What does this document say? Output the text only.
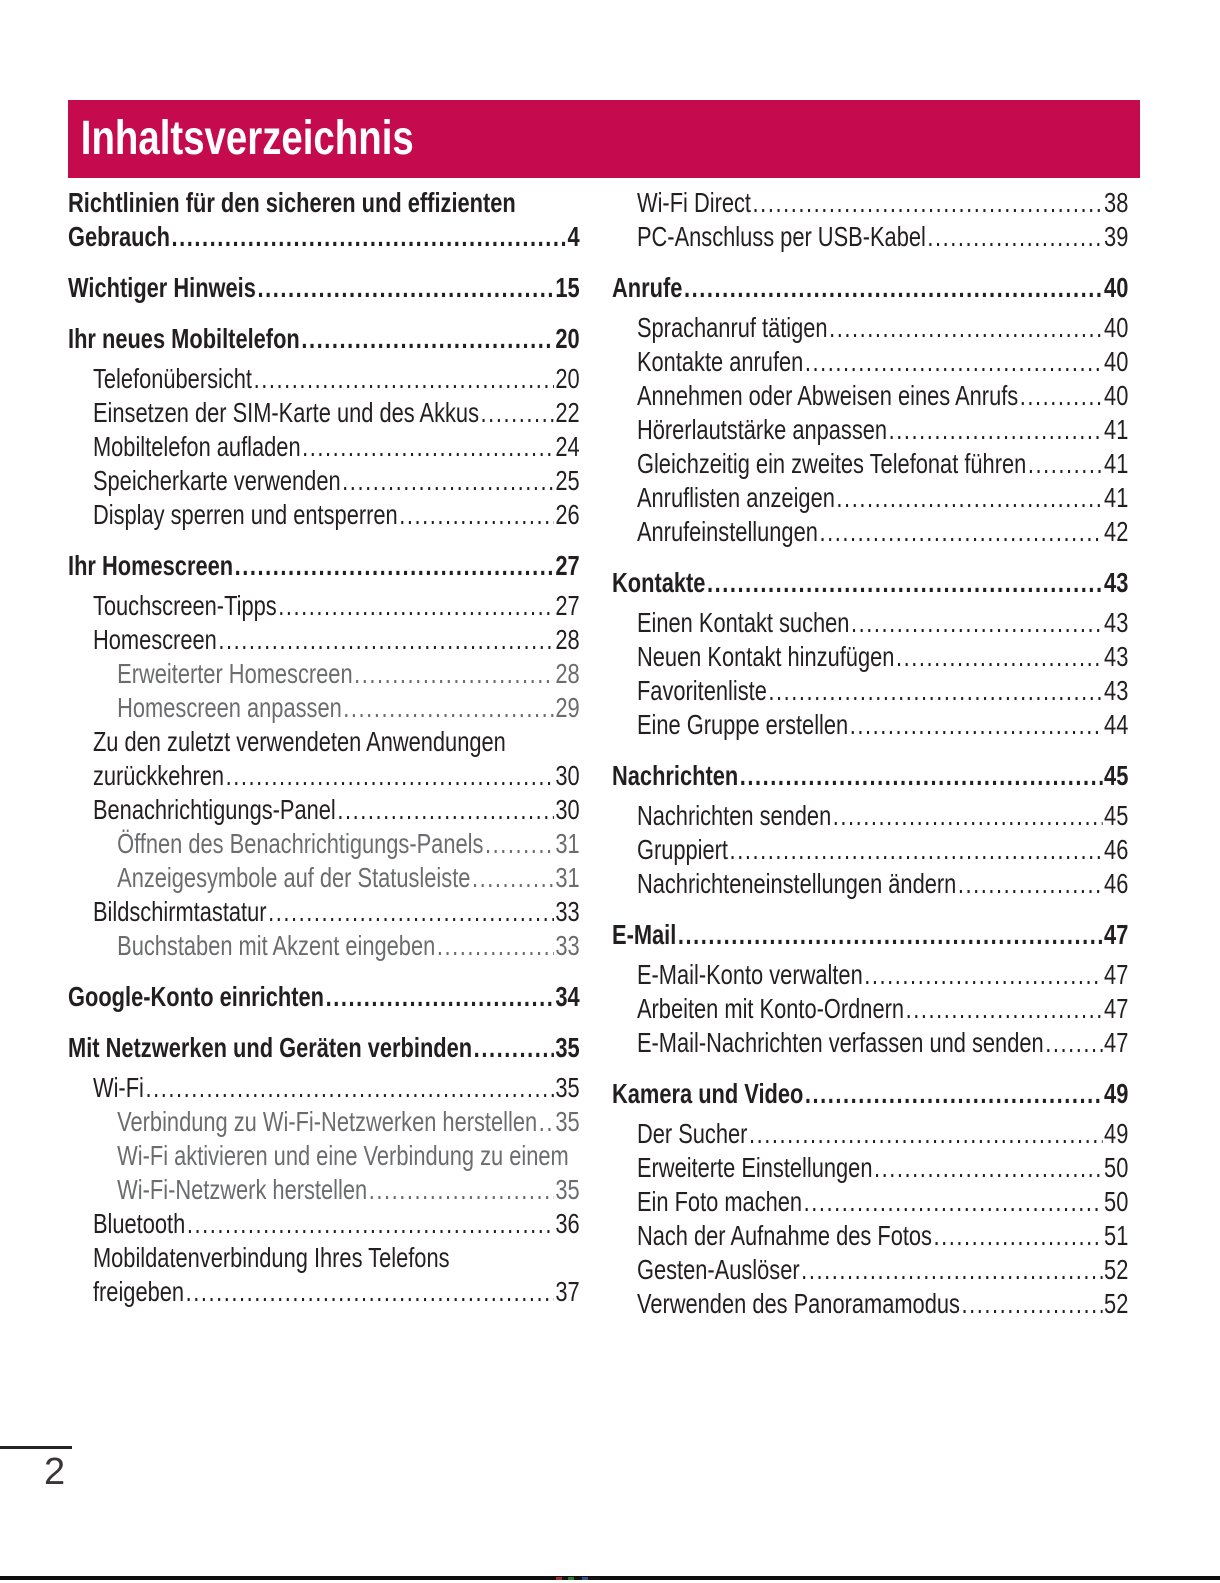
Inhaltsverzeichnis
Richtlinien für den sicheren und effizienten
Gebrauch .....	4
Wichtiger Hinweis .....	15
Ihr neues Mobiltelefon .....	20
Telefonübersicht .....	20
Einsetzen der SIM-Karte und des Akkus .....	22
Mobiltelefon aufladen .....	24
Speicherkarte verwenden .....	25
Display sperren und entsperren .....	26
Ihr Homescreen .....	27
Touchscreen-Tipps .....	27
Homescreen .....	28
Erweiterter Homescreen .....	28
Homescreen anpassen .....	29
Zu den zuletzt verwendeten Anwendungen
zurückkehren .....	30
Benachrichtigungs-Panel .....	30
Öffnen des Benachrichtigungs-Panels .....	31
Anzeigesymbole auf der Statusleiste .....	31
Bildschirmtastatur .....	33
Buchstaben mit Akzent eingeben .....	33
Google-Konto einrichten .....	34
Mit Netzwerken und Geräten verbinden .....	35
Wi-Fi .....	35
Verbindung zu Wi-Fi-Netzwerken herstellen ..... 35
Wi-Fi aktivieren und eine Verbindung zu einem
Wi-Fi-Netzwerk herstellen .....	35
Bluetooth .....	36
Mobildatenverbindung Ihres Telefons
freigeben .....	37
Wi-Fi Direct .....	38
PC-Anschluss per USB-Kabel .....	39
Anrufe .....	40
Sprachanruf tätigen .....	40
Kontakte anrufen .....	40
Annehmen oder Abweisen eines Anrufs .....	40
Hörerlautstärke anpassen .....	41
Gleichzeitig ein zweites Telefonat führen .....	41
Anruflisten anzeigen .....	41
Anrufeinstellungen .....	42
Kontakte .....	43
Einen Kontakt suchen .....	43
Neuen Kontakt hinzufügen .....	43
Favoritenliste .....	43
Eine Gruppe erstellen .....	44
Nachrichten .....	45
Nachrichten senden .....	45
Gruppiert .....	46
Nachrichteneinstellungen ändern .....	46
E-Mail .....	47
E-Mail-Konto verwalten .....	47
Arbeiten mit Konto-Ordnern .....	47
E-Mail-Nachrichten verfassen und senden ..... 47
Kamera und Video .....	49
Der Sucher .....	49
Erweiterte Einstellungen .....	50
Ein Foto machen .....	50
Nach der Aufnahme des Fotos .....	51
Gesten-Auslöser .....	52
Verwenden des Panoramamodus .....	52
2
